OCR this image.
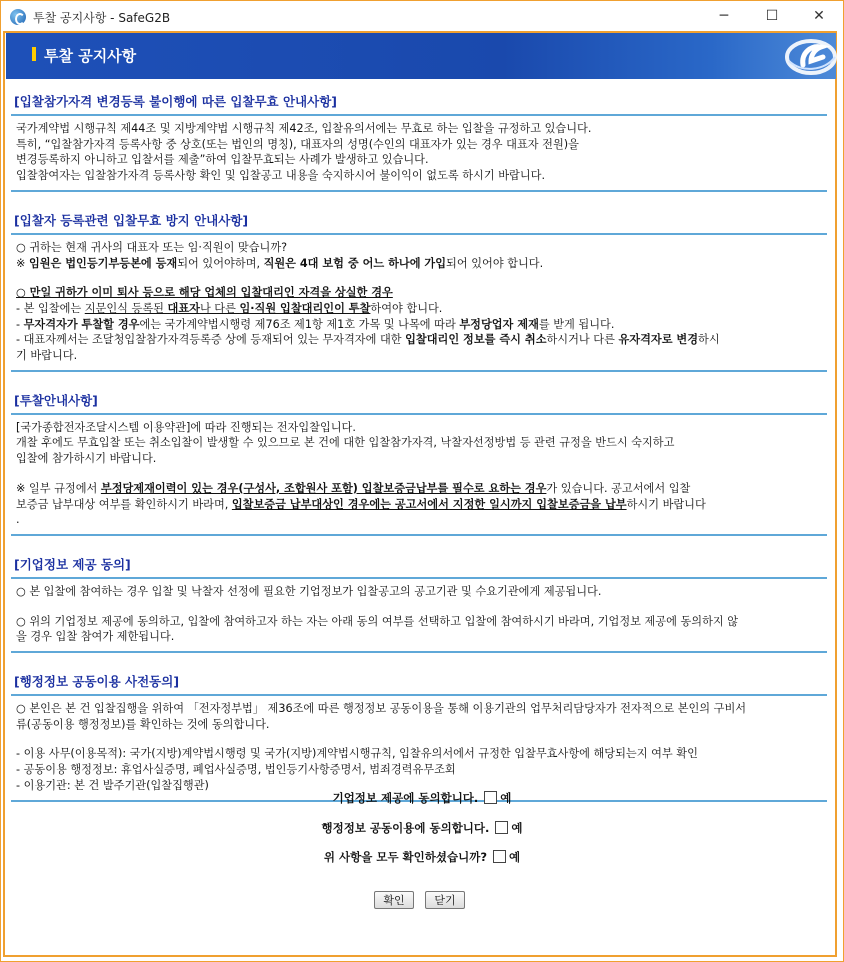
투찰 공지사항 - SafeG2B	─	☐	✕
투찰 공지사항
[입찰참가자격 변경등록 불이행에 따른 입찰무효 안내사항]

국가계약법 시행규칙 제44조 및 지방계약법 시행규칙 제42조, 입찰유의서에는 무효로 하는 입찰을 규정하고 있습니다.

특히, “입찰참가자격 등록사항 중 상호(또는 법인의 명칭), 대표자의 성명(수인의 대표자가 있는 경우 대표자 전원)을

변경등록하지 아니하고 입찰서를 제출”하여 입찰무효되는 사례가 발생하고 있습니다.

입찰참여자는 입찰참가자격 등록사항 확인 및 입찰공고 내용을 숙지하시어 불이익이 없도록 하시기 바랍니다.

[입찰자 등록관련 입찰무효 방지 안내사항]

○ 귀하는 현재 귀사의 대표자 또는 임·직원이 맞습니까?

※ 임원은 법인등기부등본에 등재되어 있어야하며, 직원은 4대 보험 중 어느 하나에 가입되어 있어야 합니다.

○ 만일 귀하가 이미 퇴사 등으로 해당 업체의 입찰대리인 자격을 상실한 경우

- 본 입찰에는 지문인식 등록된 대표자나 다른 임·직원 입찰대리인이 투찰하여야 합니다.

- 무자격자가 투찰할 경우에는 국가계약법시행령 제76조 제1항 제1호 가목 및 나목에 따라 부정당업자 제재를 받게 됩니다.

- 대표자께서는 조달청입찰참가자격등록증 상에 등재되어 있는 무자격자에 대한 입찰대리인 정보를 즉시 취소하시거나 다른 유자격자로 변경하시

기 바랍니다.

[투찰안내사항]

[국가종합전자조달시스템 이용약관]에 따라 진행되는 전자입찰입니다.

개찰 후에도 무효입찰 또는 취소입찰이 발생할 수 있으므로 본 건에 대한 입찰참가자격, 낙찰자선정방법 등 관련 규정을 반드시 숙지하고

입찰에 참가하시기 바랍니다.

※ 일부 규정에서 부정당제재이력이 있는 경우(구성사, 조합원사 포함) 입찰보증금납부를 필수로 요하는 경우가 있습니다. 공고서에서 입찰

보증금 납부대상 여부를 확인하시기 바라며, 입찰보증금 납부대상인 경우에는 공고서에서 지정한 일시까지 입찰보증금을 납부하시기 바랍니다

.

[기업정보 제공 동의]

○ 본 입찰에 참여하는 경우 입찰 및 낙찰자 선정에 필요한 기업정보가 입찰공고의 공고기관 및 수요기관에게 제공됩니다.

○ 위의 기업정보 제공에 동의하고, 입찰에 참여하고자 하는 자는 아래 동의 여부를 선택하고 입찰에 참여하시기 바라며, 기업정보 제공에 동의하지 않

을 경우 입찰 참여가 제한됩니다.

[행정정보 공동이용 사전동의]

○ 본인은 본 건 입찰집행을 위하여 「전자정부법」 제36조에 따른 행정정보 공동이용을 통해 이용기관의 업무처리담당자가 전자적으로 본인의 구비서

류(공동이용 행정정보)를 확인하는 것에 동의합니다.

- 이용 사무(이용목적): 국가(지방)계약법시행령 및 국가(지방)계약법시행규칙, 입찰유의서에서 규정한 입찰무효사항에 해당되는지 여부 확인

- 공동이용 행정정보: 휴업사실증명, 폐업사실증명, 법인등기사항증명서, 범죄경력유무조회

- 이용기관: 본 건 발주기관(입찰집행관)

기업정보 제공에 동의합니다. 예
행정정보 공동이용에 동의합니다. 예
위 사항을 모두 확인하셨습니까? 예
확인	닫기
